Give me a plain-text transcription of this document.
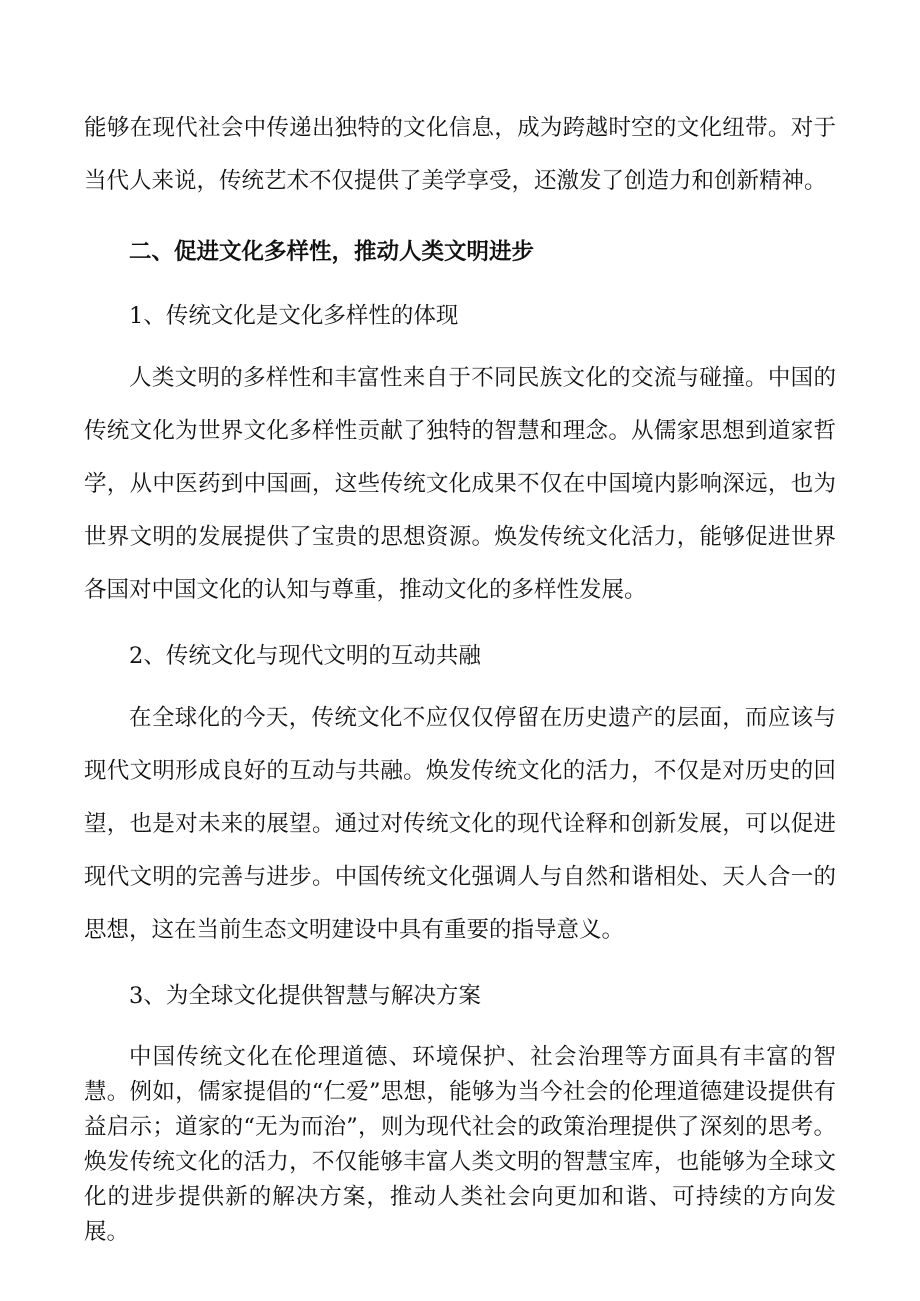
能够在现代社会中传递出独特的文化信息，成为跨越时空的文化纽带。对于当代人来说，传统艺术不仅提供了美学享受，还激发了创造力和创新精神。

二、促进文化多样性，推动人类文明进步

1、传统文化是文化多样性的体现

人类文明的多样性和丰富性来自于不同民族文化的交流与碰撞。中国的传统文化为世界文化多样性贡献了独特的智慧和理念。从儒家思想到道家哲学，从中医药到中国画，这些传统文化成果不仅在中国境内影响深远，也为世界文明的发展提供了宝贵的思想资源。焕发传统文化活力，能够促进世界各国对中国文化的认知与尊重，推动文化的多样性发展。

2、传统文化与现代文明的互动共融

在全球化的今天，传统文化不应仅仅停留在历史遗产的层面，而应该与现代文明形成良好的互动与共融。焕发传统文化的活力，不仅是对历史的回望，也是对未来的展望。通过对传统文化的现代诠释和创新发展，可以促进现代文明的完善与进步。中国传统文化强调人与自然和谐相处、天人合一的思想，这在当前生态文明建设中具有重要的指导意义。

3、为全球文化提供智慧与解决方案

中国传统文化在伦理道德、环境保护、社会治理等方面具有丰富的智慧。例如，儒家提倡的“仁爱”思想，能够为当今社会的伦理道德建设提供有益启示；道家的“无为而治”，则为现代社会的政策治理提供了深刻的思考。焕发传统文化的活力，不仅能够丰富人类文明的智慧宝库，也能够为全球文化的进步提供新的解决方案，推动人类社会向更加和谐、可持续的方向发展。
